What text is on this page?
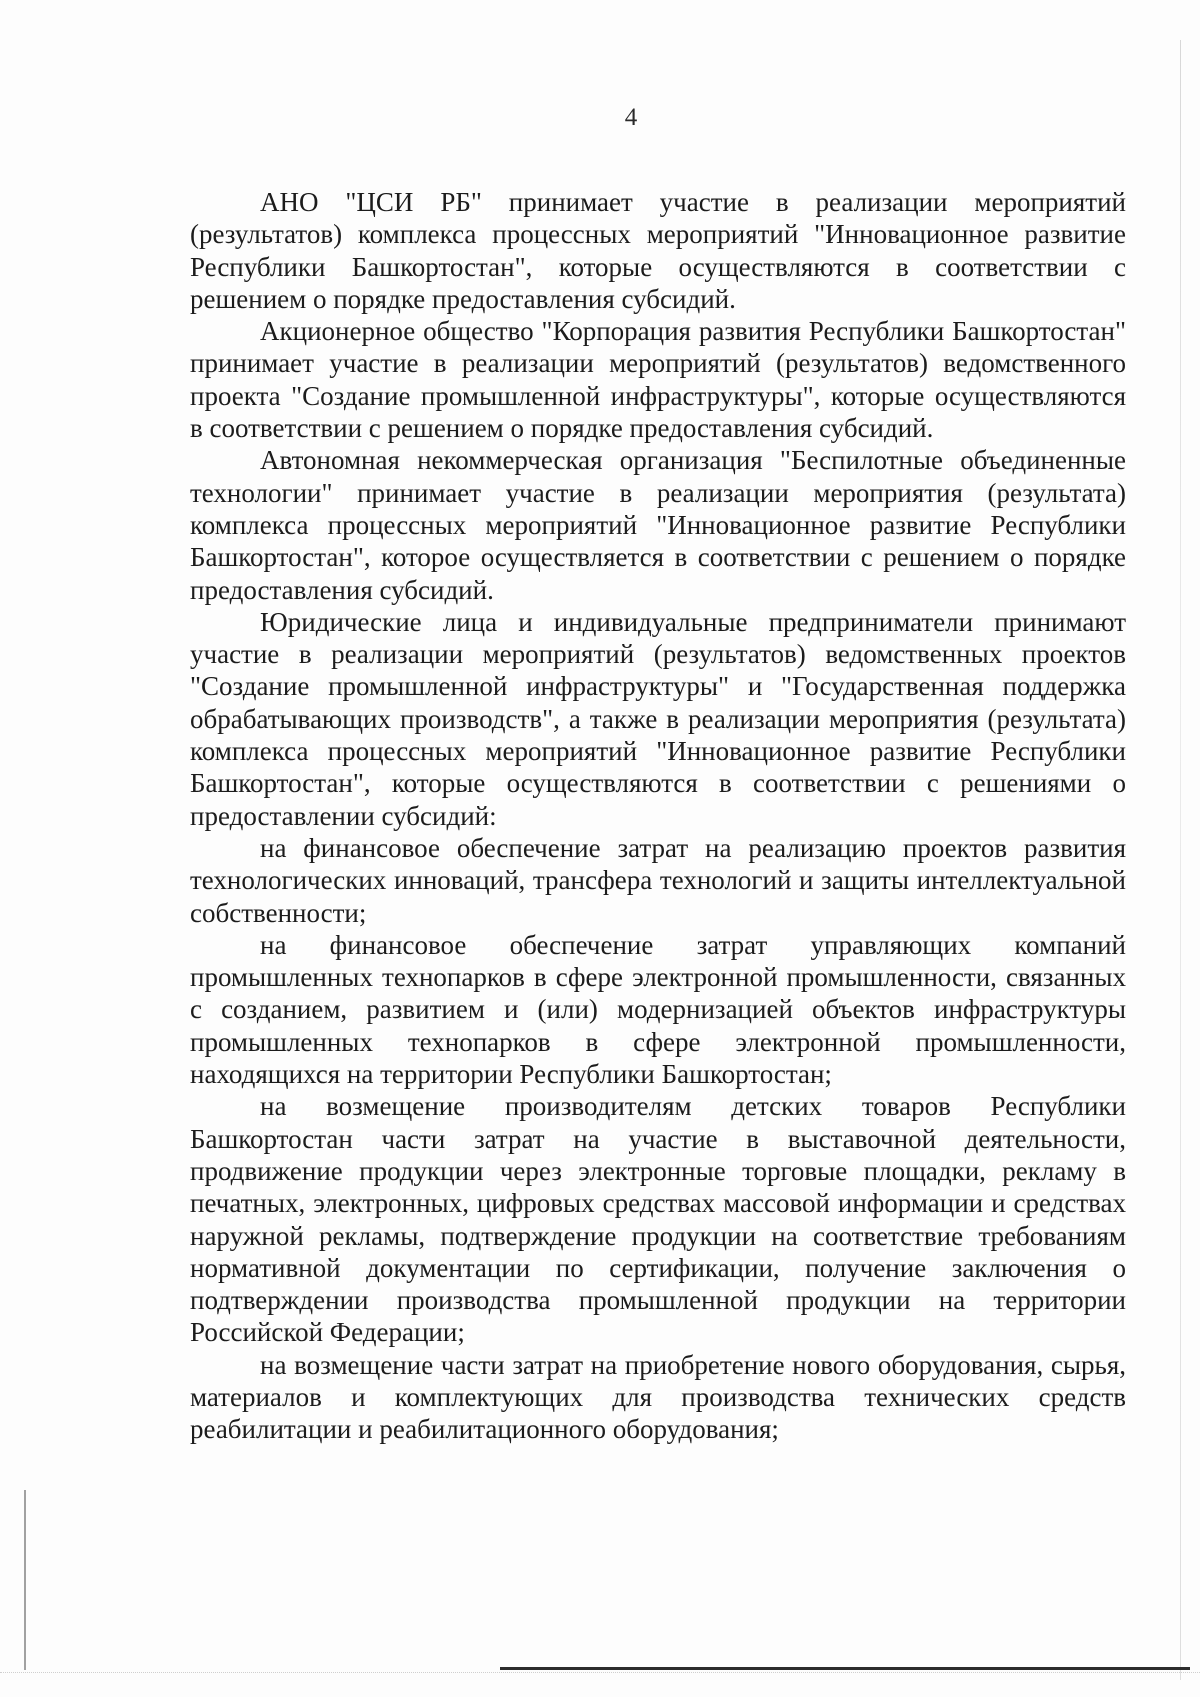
4

АНО "ЦСИ РБ" принимает участие в реализации мероприятий (результатов) комплекса процессных мероприятий "Инновационное развитие Республики Башкортостан", которые осуществляются в соответствии с решением о порядке предоставления субсидий.

Акционерное общество "Корпорация развития Республики Башкортостан" принимает участие в реализации мероприятий (результатов) ведомственного проекта "Создание промышленной инфраструктуры", которые осуществляются в соответствии с решением о порядке предоставления субсидий.

Автономная некоммерческая организация "Беспилотные объединенные технологии" принимает участие в реализации мероприятия (результата) комплекса процессных мероприятий "Инновационное развитие Республики Башкортостан", которое осуществляется в соответствии с решением о порядке предоставления субсидий.

Юридические лица и индивидуальные предприниматели принимают участие в реализации мероприятий (результатов) ведомственных проектов "Создание промышленной инфраструктуры" и "Государственная поддержка обрабатывающих производств", а также в реализации мероприятия (результата) комплекса процессных мероприятий "Инновационное развитие Республики Башкортостан", которые осуществляются в соответствии с решениями о предоставлении субсидий:

на финансовое обеспечение затрат на реализацию проектов развития технологических инноваций, трансфера технологий и защиты интеллектуальной собственности;

на финансовое обеспечение затрат управляющих компаний промышленных технопарков в сфере электронной промышленности, связанных с созданием, развитием и (или) модернизацией объектов инфраструктуры промышленных технопарков в сфере электронной промышленности, находящихся на территории Республики Башкортостан;

на возмещение производителям детских товаров Республики Башкортостан части затрат на участие в выставочной деятельности, продвижение продукции через электронные торговые площадки, рекламу в печатных, электронных, цифровых средствах массовой информации и средствах наружной рекламы, подтверждение продукции на соответствие требованиям нормативной документации по сертификации, получение заключения о подтверждении производства промышленной продукции на территории Российской Федерации;

на возмещение части затрат на приобретение нового оборудования, сырья, материалов и комплектующих для производства технических средств реабилитации и реабилитационного оборудования;
